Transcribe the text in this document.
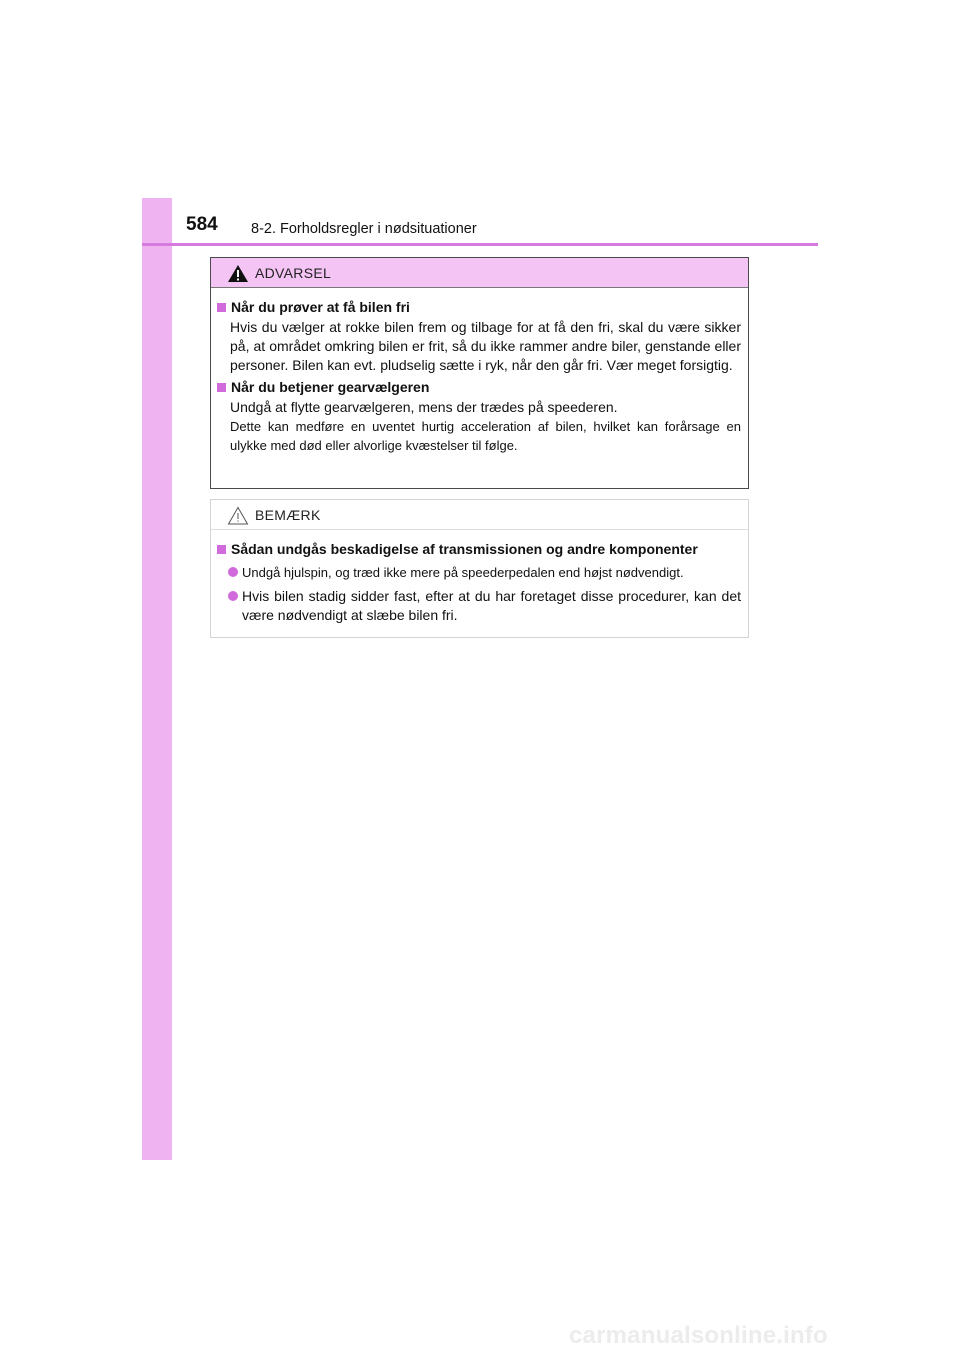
584 8-2. Forholdsregler i nødsituationer
ADVARSEL
Når du prøver at få bilen fri
Hvis du vælger at rokke bilen frem og tilbage for at få den fri, skal du være sikker på, at området omkring bilen er frit, så du ikke rammer andre biler, genstande eller personer. Bilen kan evt. pludselig sætte i ryk, når den går fri. Vær meget forsigtig.
Når du betjener gearvælgeren
Undgå at flytte gearvælgeren, mens der trædes på speederen.
Dette kan medføre en uventet hurtig acceleration af bilen, hvilket kan forårsage en ulykke med død eller alvorlige kvæstelser til følge.
BEMÆRK
Sådan undgås beskadigelse af transmissionen og andre komponenter
Undgå hjulspin, og træd ikke mere på speederpedalen end højst nødvendigt.
Hvis bilen stadig sidder fast, efter at du har foretaget disse procedurer, kan det være nødvendigt at slæbe bilen fri.
carmanualsonline.info
